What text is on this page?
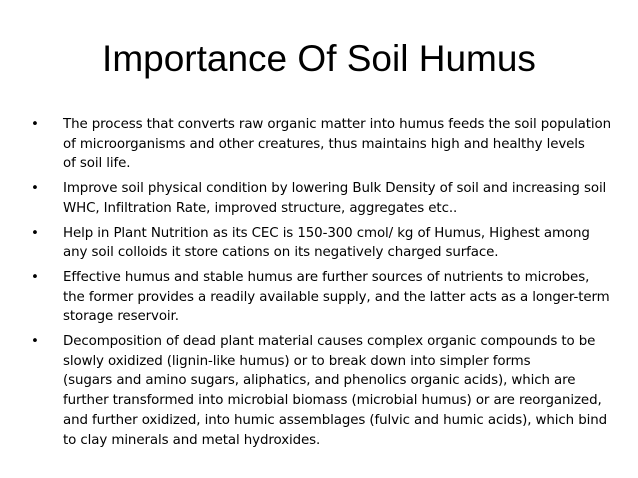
Importance Of Soil Humus
• The process that converts raw organic matter into humus feeds the soil population
of microorganisms and other creatures, thus maintains high and healthy levels
of soil life.
• Improve soil physical condition by lowering Bulk Density of soil and increasing soil
WHC, Infiltration Rate, improved structure, aggregates etc..
• Help in Plant Nutrition as its CEC is 150-300 cmol/ kg of Humus, Highest among
any soil colloids it store cations on its negatively charged surface.
• Effective humus and stable humus are further sources of nutrients to microbes,
the former provides a readily available supply, and the latter acts as a longer-term
storage reservoir.
• Decomposition of dead plant material causes complex organic compounds to be
slowly oxidized (lignin-like humus) or to break down into simpler forms
(sugars and amino sugars, aliphatics, and phenolics organic acids), which are
further transformed into microbial biomass (microbial humus) or are reorganized,
and further oxidized, into humic assemblages (fulvic and humic acids), which bind
to clay minerals and metal hydroxides.
